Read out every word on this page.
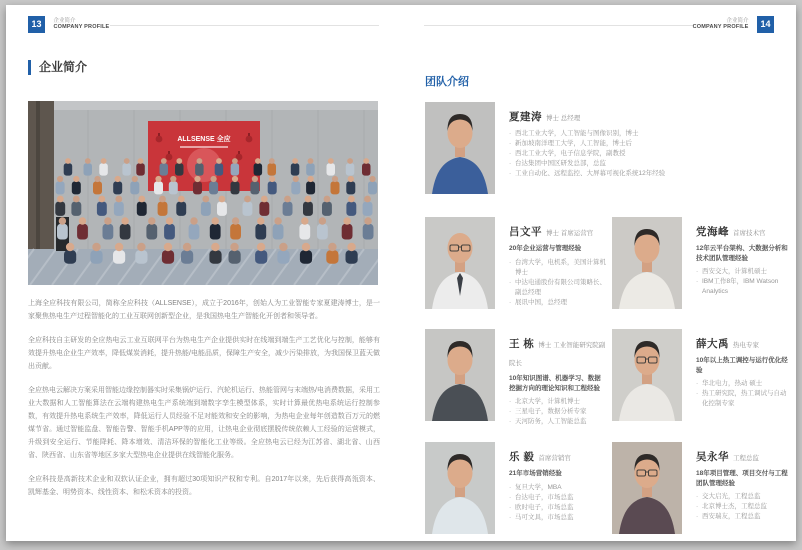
13 企业简介
COMPANY PROFILE
企业简介
COMPANY PROFILE 14
企业简介
ALLSENSE 全应

上海全应科技有限公司，简称全应科技（ALLSENSE），成立于2016年，创始人为工业智能专家夏建涛博士，是一家聚焦热电生产过程智能化的工业互联网创新型企业，是我国热电生产智能化开创者和领导者。

全应科技自主研发的全应热电云工业互联网平台为热电生产企业提供实时在线端到端生产工艺优化与控制，能够有效提升热电企业生产效率，降低煤炭消耗，提升热能/电能品质，保障生产安全，减少污染排放，为我国保卫蓝天做出贡献。

全应热电云解决方案采用智能边缘控制器实时采集锅炉运行、汽轮机运行、热能管网与末端热/电消费数据，采用工业大数据和人工智能算法在云端构建热电生产系统端到端数字孪生模型体系，实时计算最优热电系统运行控制参数，有效提升热电系统生产效率，降低运行人员经验不足对能效和安全的影响，为热电企业每年创造数百万元的燃煤节省。通过智能监盘、智能告警、智能手机APP等的应用，让热电企业彻底摆脱传统依赖人工经验的运营模式，升级到安全运行、节能降耗、降本增效、清洁环保的智能化工业等级。全应热电云已经为江苏省、湖北省、山西省、陕西省、山东省等地区多家大型热电企业提供在线智能化服务。

全应科技是高新技术企业和双软认证企业，拥有超过30项知识产权和专利。自2017年以来，先后获得高瓴资本、凯辉基金、明势资本、线性资本、和松禾资本的投资。

团队介绍
夏建涛 博士 总经理
· 西北工业大学，人工智能与图像识别，博士
· 新加坡南洋理工大学，人工智能，博士后
· 西北工业大学，电子信息学院，副教授
· 台达集团中国区研发总部，总监
· 工业自动化、远程监控、大屏幕可视化系统12年经验
吕文平 博士 首席运营官
20年企业运营与管理经验
· 台湾大学，电机系，美国计算机博士
· 中达电通股份有限公司策略长、副总经理
· 展讯中国，总经理
党海峰 首席技术官
12年云平台架构、大数据分析和技术团队管理经验
· 西安交大，计算机硕士
· IBM工作8年，IBM Watson Analytics
王 栋 博士 工业智能研究院副院长
10年知识图谱、机器学习、数据挖掘方向的理论知识和工程经验
· 北京大学，计算机博士
· 三星电子，数据分析专家
· 天河防务，人工智能总监
薛大禹 热电专家
10年以上热工调控与运行优化经验
· 华北电力，热动 硕士
· 热工研究院，热工调试与自动化控制专家
乐 毅 首席营销官
21年市场营销经验
· 复旦大学，MBA
· 台达电子，市场总监
· 欧时电子，市场总监
· 马可文具，市场总监
吴永华 工程总监
18年项目管理、项目交付与工程团队管理经验
· 交大启光，工程总监
· 北京博士杰，工程总监
· 西安瑞友，工程总监
